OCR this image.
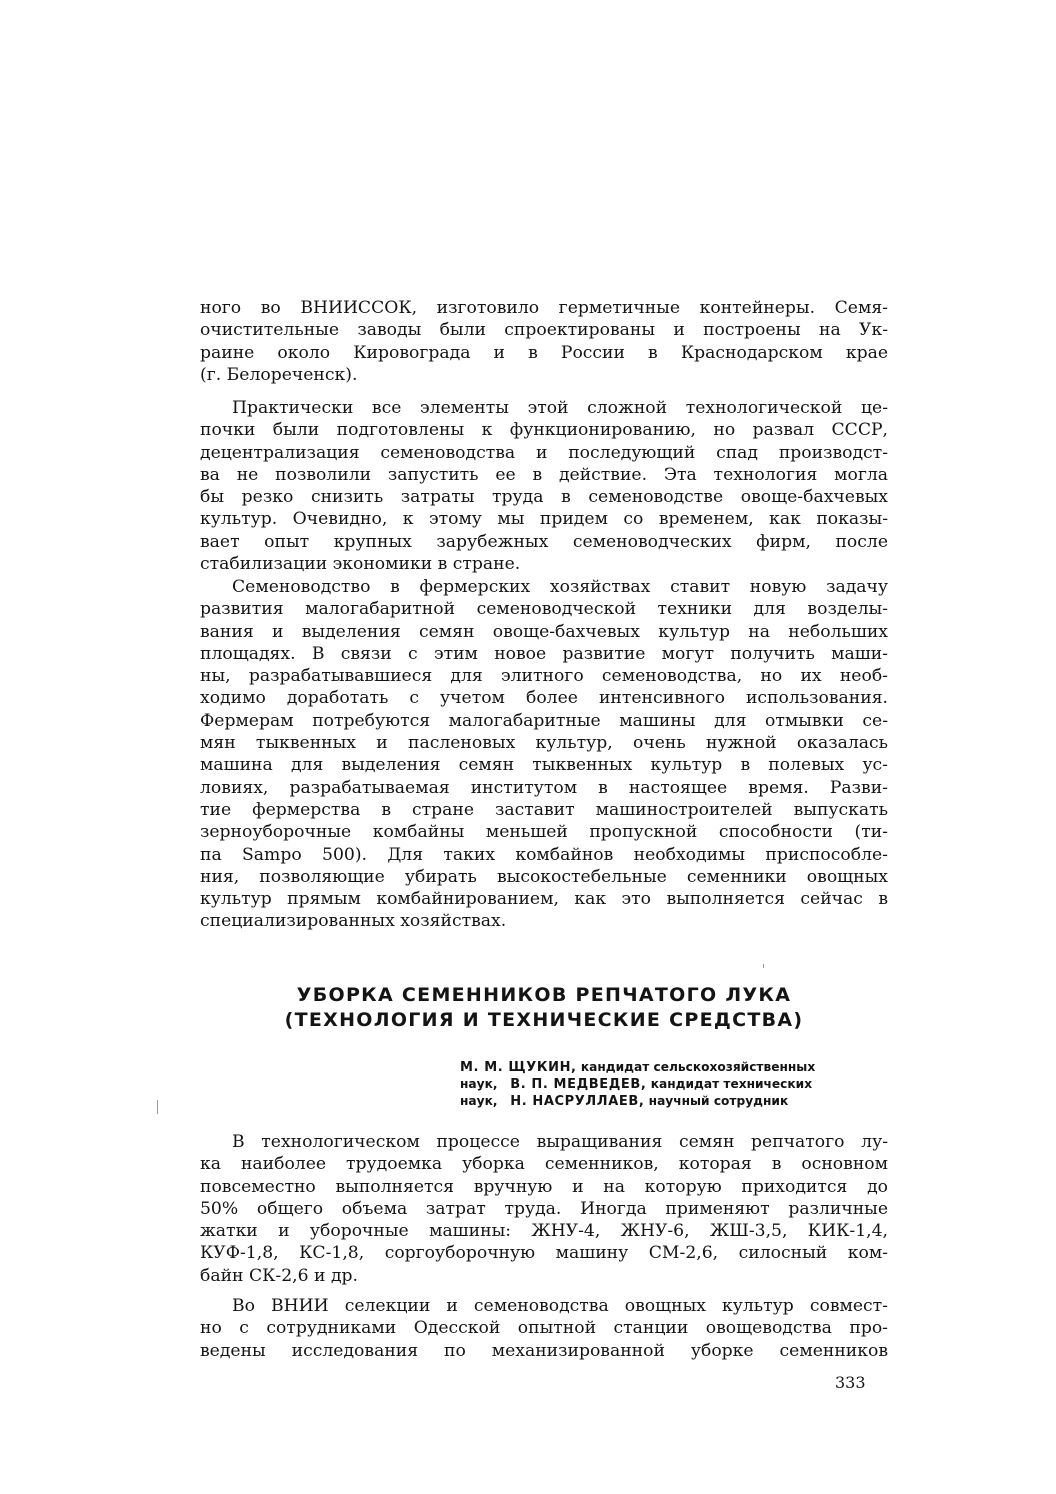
ного во ВНИИССОК, изготовило герметичные контейнеры. Семя-

очистительные заводы были спроектированы и построены на Ук-

раине около Кировограда и в России в Краснодарском крае

(г. Белореченск).

Практически все элементы этой сложной технологической це-

почки были подготовлены к функционированию, но развал СССР,

децентрализация семеноводства и последующий спад производст-

ва не позволили запустить ее в действие. Эта технология могла

бы резко снизить затраты труда в семеноводстве овоще-бахчевых

культур. Очевидно, к этому мы придем со временем, как показы-

вает опыт крупных зарубежных семеноводческих фирм, после

стабилизации экономики в стране.

Семеноводство в фермерских хозяйствах ставит новую задачу

развития малогабаритной семеноводческой техники для возделы-

вания и выделения семян овоще-бахчевых культур на небольших

площадях. В связи с этим новое развитие могут получить маши-

ны, разрабатывавшиеся для элитного семеноводства, но их необ-

ходимо доработать с учетом более интенсивного использования.

Фермерам потребуются малогабаритные машины для отмывки се-

мян тыквенных и пасленовых культур, очень нужной оказалась

машина для выделения семян тыквенных культур в полевых ус-

ловиях, разрабатываемая институтом в настоящее время. Разви-

тие фермерства в стране заставит машиностроителей выпускать

зерноуборочные комбайны меньшей пропускной способности (ти-

па Sampo 500). Для таких комбайнов необходимы приспособле-

ния, позволяющие убирать высокостебельные семенники овощных

культур прямым комбайнированием, как это выполняется сейчас в

специализированных хозяйствах.

УБОРКА СЕМЕННИКОВ РЕПЧАТОГО ЛУКА
(ТЕХНОЛОГИЯ И ТЕХНИЧЕСКИЕ СРЕДСТВА)
М. М. ЩУКИН, кандидат сельскохозяйственных
наук, В. П. МЕДВЕДЕВ, кандидат технических
наук, Н. НАСРУЛЛАЕВ, научный сотрудник

В технологическом процессе выращивания семян репчатого лу-

ка наиболее трудоемка уборка семенников, которая в основном

повсеместно выполняется вручную и на которую приходится до

50% общего объема затрат труда. Иногда применяют различные

жатки и уборочные машины: ЖНУ-4, ЖНУ-6, ЖШ-3,5, КИК-1,4,

КУФ-1,8, КС-1,8, соргоуборочную машину СМ-2,6, силосный ком-

байн СК-2,6 и др.

Во ВНИИ селекции и семеноводства овощных культур совмест-

но с сотрудниками Одесской опытной станции овощеводства про-

ведены исследования по механизированной уборке семенников

333
